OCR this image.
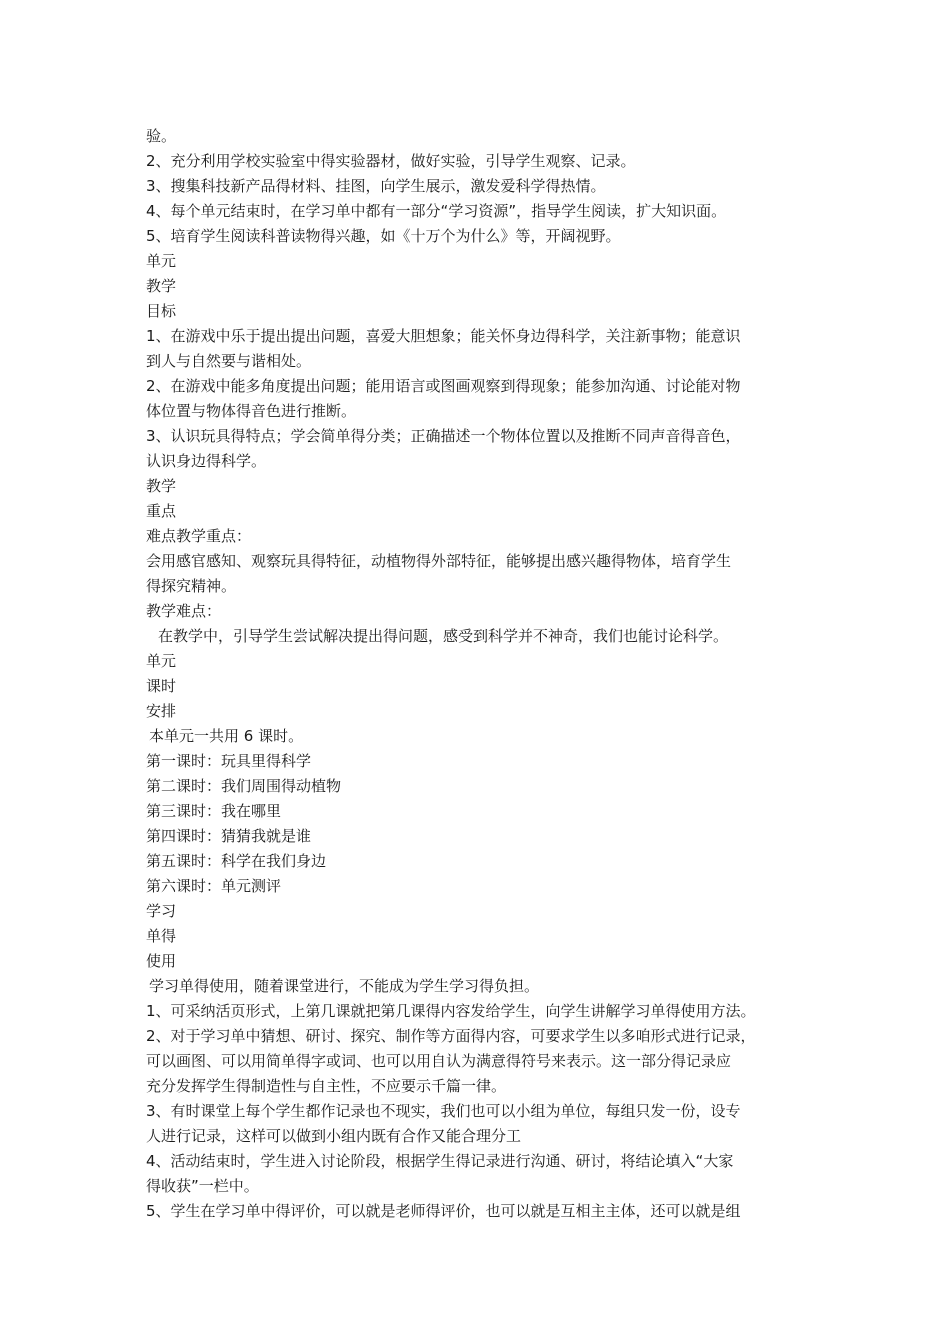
验。
2、充分利用学校实验室中得实验器材，做好实验，引导学生观察、记录。
3、搜集科技新产品得材料、挂图，向学生展示，激发爱科学得热情。
4、每个单元结束时，在学习单中都有一部分“学习资源”，指导学生阅读，扩大知识面。
5、培育学生阅读科普读物得兴趣，如《十万个为什么》等，开阔视野。
单元
教学
目标
1、在游戏中乐于提出提出问题，喜爱大胆想象；能关怀身边得科学，关注新事物；能意识
到人与自然要与谐相处。
2、在游戏中能多角度提出问题；能用语言或图画观察到得现象；能参加沟通、讨论能对物
体位置与物体得音色进行推断。
3、认识玩具得特点；学会简单得分类；正确描述一个物体位置以及推断不同声音得音色，
认识身边得科学。
教学
重点
难点教学重点：
会用感官感知、观察玩具得特征，动植物得外部特征，能够提出感兴趣得物体，培育学生
得探究精神。
教学难点：
在教学中，引导学生尝试解决提出得问题，感受到科学并不神奇，我们也能讨论科学。
单元
课时
安排
本单元一共用 6 课时。
第一课时：玩具里得科学
第二课时：我们周围得动植物
第三课时：我在哪里
第四课时：猜猜我就是谁
第五课时：科学在我们身边
第六课时：单元测评
学习
单得
使用
学习单得使用，随着课堂进行，不能成为学生学习得负担。
1、可采纳活页形式，上第几课就把第几课得内容发给学生，向学生讲解学习单得使用方法。
2、对于学习单中猜想、研讨、探究、制作等方面得内容，可要求学生以多咱形式进行记录，
可以画图、可以用简单得字或词、也可以用自认为满意得符号来表示。这一部分得记录应
充分发挥学生得制造性与自主性，不应要示千篇一律。
3、有时课堂上每个学生都作记录也不现实，我们也可以小组为单位，每组只发一份，设专
人进行记录，这样可以做到小组内既有合作又能合理分工
4、活动结束时，学生进入讨论阶段，根据学生得记录进行沟通、研讨，将结论填入“大家
得收获”一栏中。
5、学生在学习单中得评价，可以就是老师得评价，也可以就是互相主主体，还可以就是组
